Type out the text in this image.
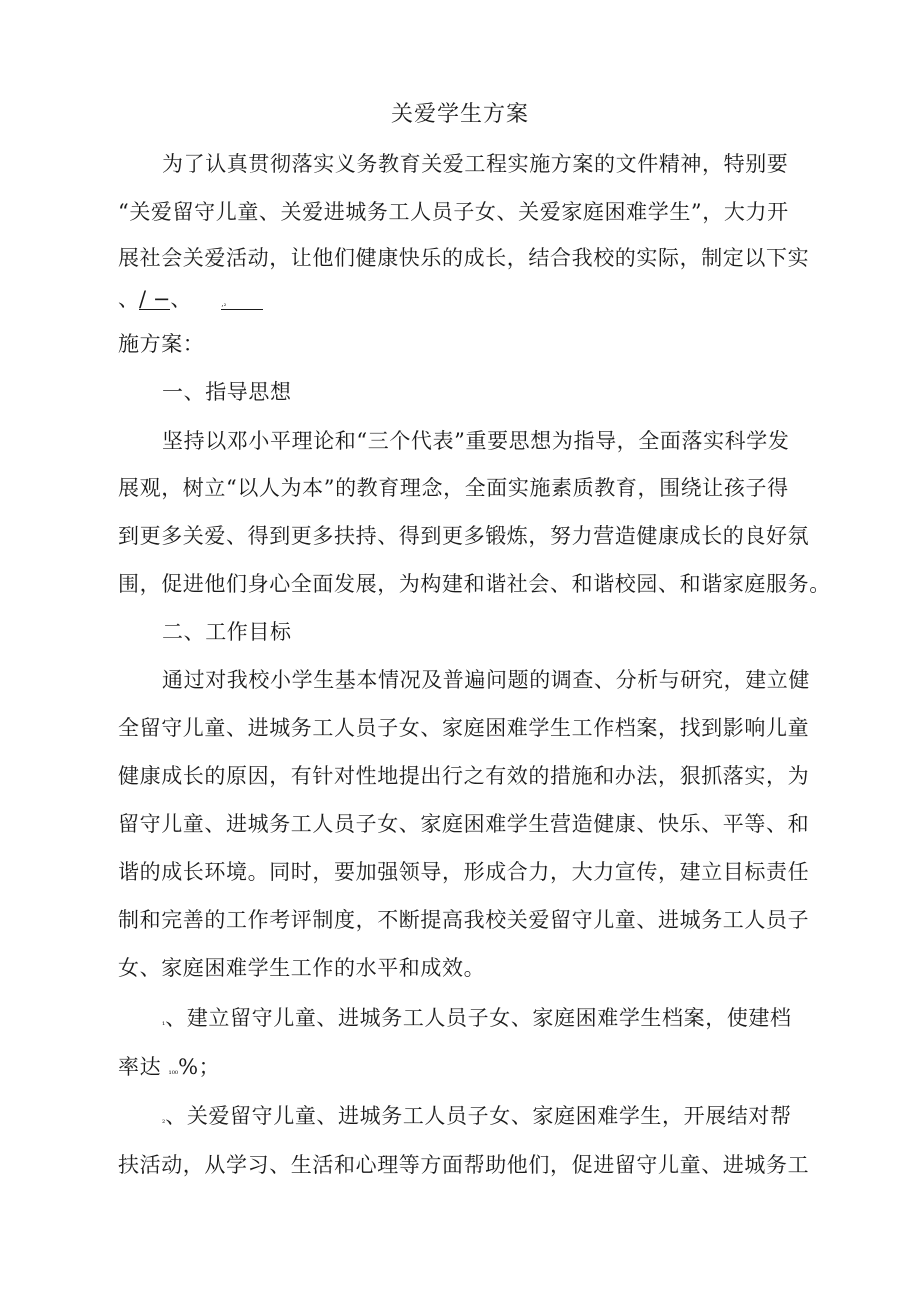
关爱学生方案
为了认真贯彻落实义务教育关爱工程实施方案的文件精神，特别要
“关爱留守儿童、关爱进城务工人员子女、关爱家庭困难学生”，大力开
展社会关爱活动，让他们健康快乐的成长，结合我校的实际，制定以下实
、/ −、	‚₂
施方案：
一、指导思想
坚持以邓小平理论和“三个代表”重要思想为指导，全面落实科学发
展观，树立“以人为本”的教育理念，全面实施素质教育，围绕让孩子得
到更多关爱、得到更多扶持、得到更多锻炼，努力营造健康成长的良好氛
围，促进他们身心全面发展，为构建和谐社会、和谐校园、和谐家庭服务。
二、工作目标
通过对我校小学生基本情况及普遍问题的调查、分析与研究，建立健
全留守儿童、进城务工人员子女、家庭困难学生工作档案，找到影响儿童
健康成长的原因，有针对性地提出行之有效的措施和办法，狠抓落实，为
留守儿童、进城务工人员子女、家庭困难学生营造健康、快乐、平等、和
谐的成长环境。同时，要加强领导，形成合力，大力宣传，建立目标责任
制和完善的工作考评制度，不断提高我校关爱留守儿童、进城务工人员子
女、家庭困难学生工作的水平和成效。
₁、建立留守儿童、进城务工人员子女、家庭困难学生档案，使建档
率达 ₁₀₀%；
₂、关爱留守儿童、进城务工人员子女、家庭困难学生，开展结对帮
扶活动，从学习、生活和心理等方面帮助他们，促进留守儿童、进城务工
